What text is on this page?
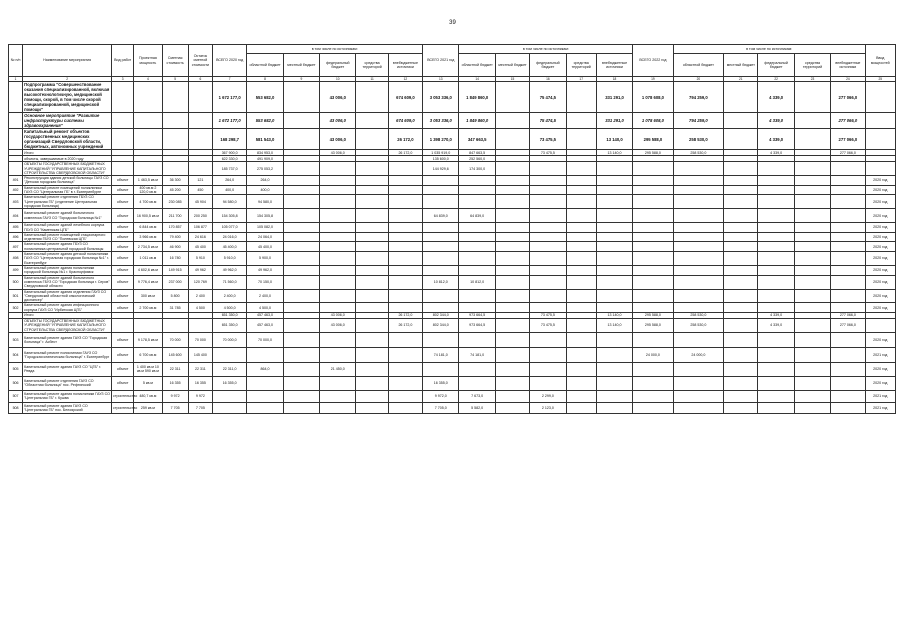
39
№ п/п	Наименование мероприятия	Вид работ	Проектная мощность	Сметная стоимость	Остаток сметной стоимости	ВСЕГО 2020 год	в том числе по источникам:					ВСЕГО 2021 год	в том числе по источникам:					ВСЕГО 2022 год	в том числе по источникам:					Ввод мощностей
							областной бюджет	местный бюджет	федеральный бюджет	средства территорий	внебюджетные источники		областной бюджет	местный бюджет	федеральный бюджет	средства территорий	внебюджетные источники		областной бюджет	местный бюджет	федеральный бюджет	средства территорий	внебюджетные источники	
1	2	3	4	5	6	7	8	9	10	11	12	13	14	15	16	17	18	19	20	21	22	23	24	25
	Подпрограмма "Совершенствование оказания специализированной, включая высокотехнологичную, медицинской помощи, скорой, в том числе скорой специализированной, медицинской помощи"					1 672 177,0	553 682,0		43 006,0		674 609,0	3 053 336,0	1 849 860,0		75 474,5		331 291,0	1 078 608,0	794 259,0		4 339,0		277 066,0	
	Основное мероприятие "Развитие инфраструктуры системы здравоохранения"					1 672 177,0	553 682,0		43 006,0		674 609,0	3 053 336,0	1 849 860,0		75 474,5		331 291,0	1 078 608,0	794 259,0		4 339,0		277 066,0	
	Капитальный ремонт объектов государственных медицинских организаций Свердловской области, бюджетных, автономных учреждений					168 298,7	581 543,0		43 006,0		26 172,0	1 398 270,0	347 663,5		73 475,5		13 140,0	295 588,0	258 530,0		4 339,0		277 066,0	
	Итого					367 900,0	834 953,0		43 006,0		26 172,0	1 035 919,0	847 663,5		73 475,5		13 140,0	295 588,0	258 530,0		4 339,0		277 066,0	
	объекты, завершаемые в 2020 году					622 330,0	491 909,0					135 600,0	252 560,0											
	ОБЪЕКТЫ ГОСУДАРСТВЕННЫХ БЮДЖЕТНЫХ УЧРЕЖДЕНИЙ "УПРАВЛЕНИЕ КАПИТАЛЬНОГО СТРОИТЕЛЬСТВА СВЕРДЛОВСКОЙ ОБЛАСТИ"					185 737,0	275 053,2					144 929,6	174 300,0											
491	Реконструкция здания детской больницы ГАУЗ СО "Детская городская больница"	объект	1 463,5 кв.м	36 300	121	264,0	264,0																	2020 год
492	Капитальный ремонт помещений поликлиники ГАУЗ СО "Центральная ГБ" в г. Екатеринбурге	объект	400 кв.м 2 120,0 кв.м	45 200	450	400,0	400,0																	2020 год
493	Капитальный ремонт отделения ГБУЗ СО "Центральная ГБ" (отделение Центральная городская больница)	объект	4 700 кв.м	230 085	45 904	94 580,0	94 580,0																	2020 год
494	Капитальный ремонт зданий больничного комплекса ГАУЗ СО "Городская больница №1"	объект	16 900,5 кв.м	211 700	200 250	154 305,8	154 305,8					64 839,0	64 839,0											2020 год
495	Капитальный ремонт зданий лечебного корпуса ГБУЗ СО "Каменская ЦГБ"	объект	6 844 кв.м	170 857	106 877	105 077,0	105 082,0																	2020 год
496	Капитальный ремонт помещений стационарного отделения ГБУЗ СО "Полевская ЦГБ"	объект	3 966 кв.м	79 400	24 616	24 016,0	24 064,0																	2020 год
497	Капитальный ремонт здания ГБУЗ СО поликлиника центральной городской больницы	объект	2 734,5 кв.м	46 900	45 400	45 400,0	45 400,0																	2020 год
498	Капитальный ремонт здания детской поликлиники ГАУЗ СО "Центральная городская больница №1" г. Екатеринбург	объект	1 011 кв.м	16 780	5 910	5 910,0	5 900,0																	2020 год
499	Капитальный ремонт здания поликлиники городской больницы №1 г. Красноуфимск	объект	4 602,6 кв.м	149 915	49 962	49 962,0	49 962,0																	2020 год
500	Капитальный ремонт зданий больничного комплекса ГБУЗ СО "Городская больница г. Серов" Свердловской области	объект	9 776,4 кв.м	237 000	120 769	71 560,0	70 150,0					10 812,0	10 812,0											2020 год
501	Капитальный ремонт здания отделения ГАУЗ СО "Свердловский областной онкологический диспансер"	объект	300 кв.м	5 800	2 400	2 400,0	2 400,0																	2020 год
502	Капитальный ремонт здания инфекционного корпуса ГАУЗ СО "Ирбитская ЦГБ"	объект	2 700 кв.м	31 785	4 500	4 500,0	4 500,0																	2020 год
	Итого					651 350,0	457 463,0		43 006,0		26 172,0	802 344,0	973 664,5		73 475,5		13 140,0	295 588,0	258 530,0		4 339,0		277 066,0	
	ОБЪЕКТЫ ГОСУДАРСТВЕННЫХ БЮДЖЕТНЫХ УЧРЕЖДЕНИЙ "УПРАВЛЕНИЕ КАПИТАЛЬНОГО СТРОИТЕЛЬСТВА СВЕРДЛОВСКОЙ ОБЛАСТИ"					651 350,0	457 463,0		43 006,0		26 172,0	802 344,0	973 664,5		73 475,5		13 140,0	295 588,0	258 530,0		4 339,0		277 066,0	
503	Капитальный ремонт здания ГАУЗ СО "Городская больница" г. Асбест	объект	9 178,5 кв.м	70 000	70 000	70 000,0	70 000,0																	2020 год
504	Капитальный ремонт поликлиники ГАУЗ СО "Городская клиническая больница" г. Екатеринбург	объект	6 700 кв.м	145 600	145 400							74 181,0	74 181,0					24 000,0	24 000,0					2021 год
505	Капитальный ремонт здания ГАУЗ СО "ЦГБ" г. Ревда	объект	1 400 кв.м 10 кв.м 590 кв.м	22 311	22 311	22 311,0	864,0		21 450,0															2020 год
506	Капитальный ремонт отделения ГАУЗ СО "Областная больница" пос. Рефтинский	объект	5 кв.м	16 355	16 355	16 355,0						16 355,0												2020 год
507	Капитальный ремонт здания поликлиники ГАУЗ СО "Центральная ГБ" г. Кушва	строительство	480,7 кв.м	9 972	9 972							9 972,0	7 673,0		2 299,0									2021 год
508	Капитальный ремонт здания ГАУЗ СО "Центральная ГБ" пос. Белоярский	строительство	259 кв.м	7 705	7 705							7 705,0	5 582,0		2 123,0									2021 год
